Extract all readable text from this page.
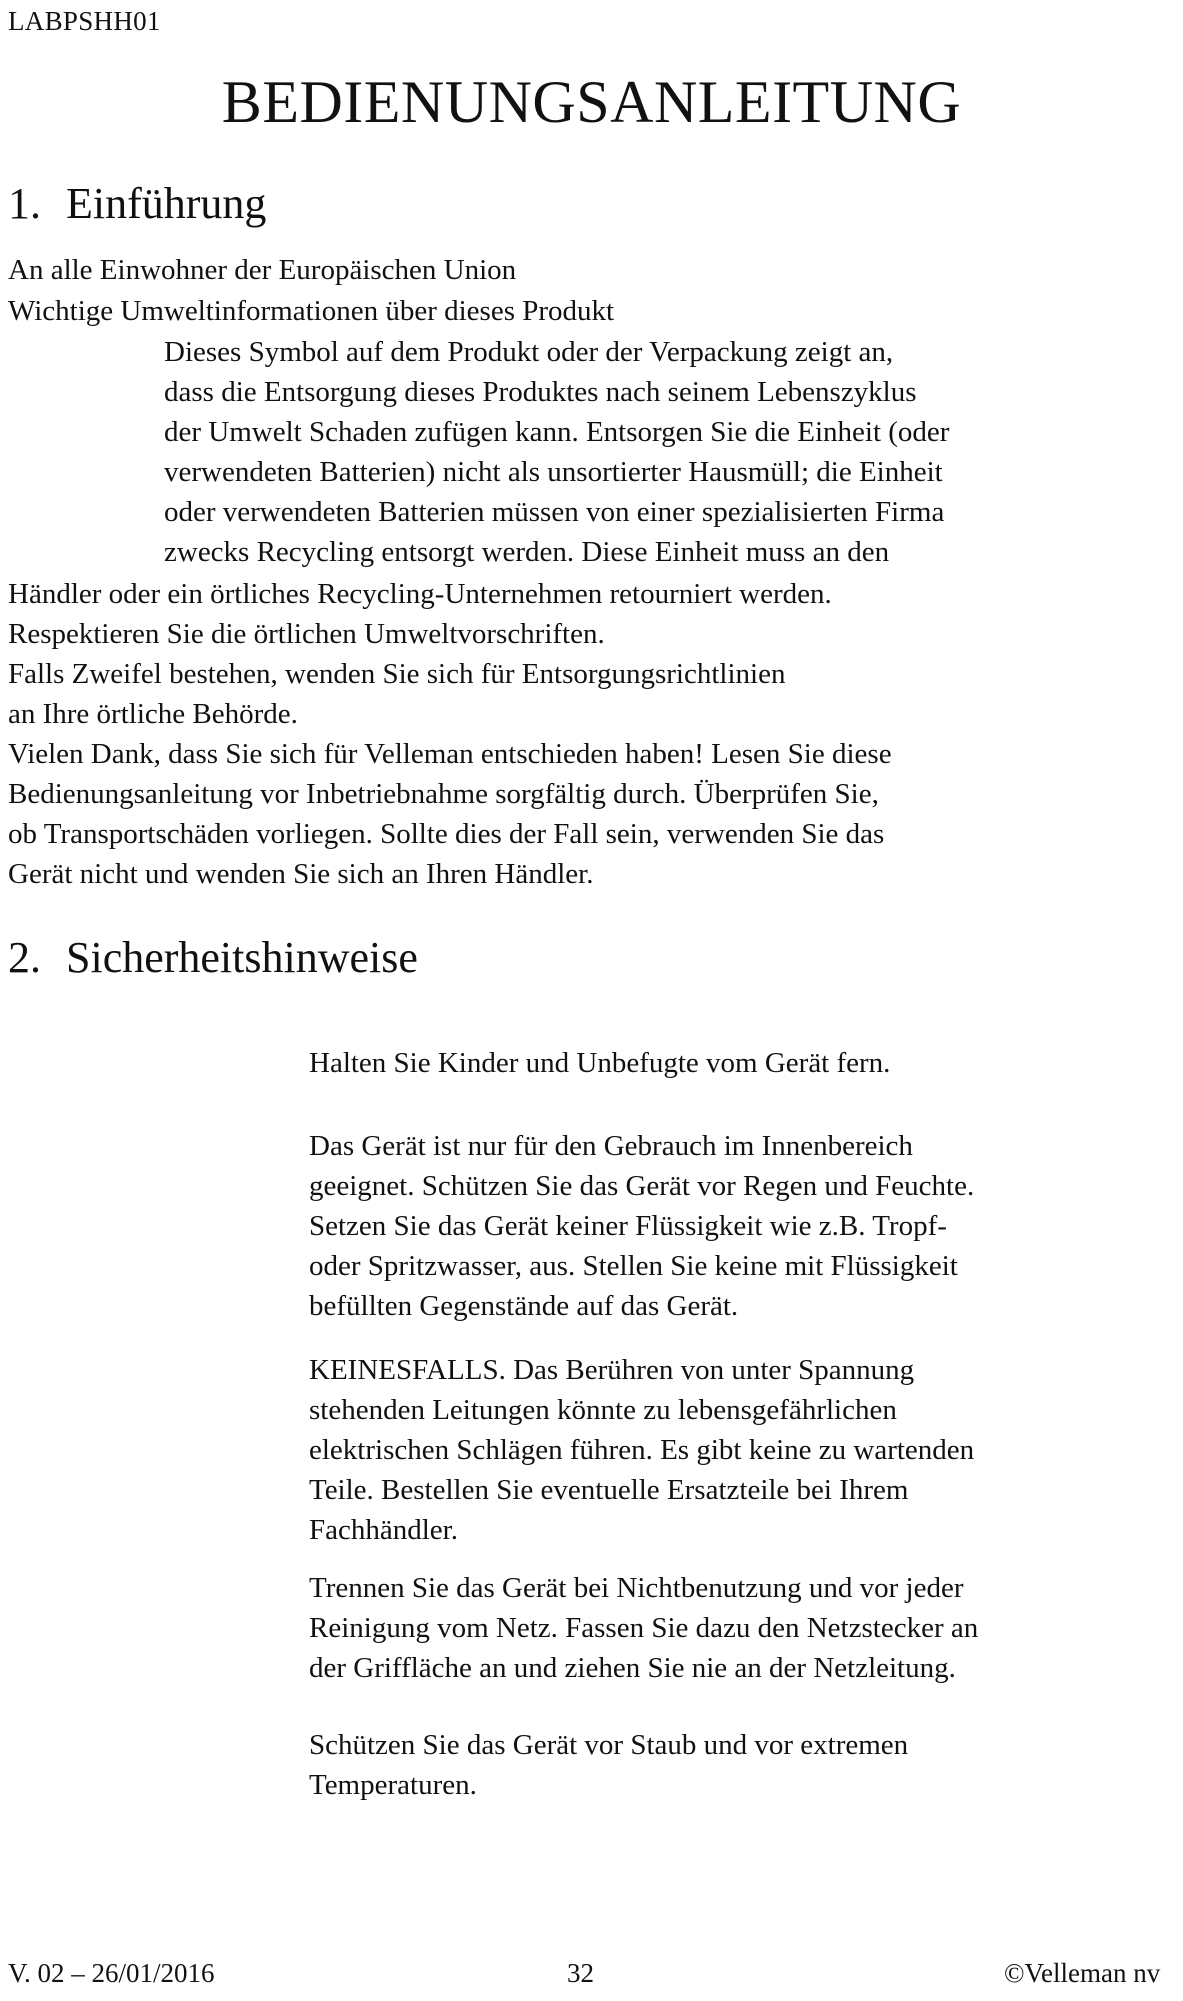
LABPSHH01
BEDIENUNGSANLEITUNG
1. Einführung
An alle Einwohner der Europäischen Union
Wichtige Umweltinformationen über dieses Produkt
Dieses Symbol auf dem Produkt oder der Verpackung zeigt an,
dass die Entsorgung dieses Produktes nach seinem Lebenszyklus
der Umwelt Schaden zufügen kann. Entsorgen Sie die Einheit (oder
verwendeten Batterien) nicht als unsortierter Hausmüll; die Einheit
oder verwendeten Batterien müssen von einer spezialisierten Firma
zwecks Recycling entsorgt werden. Diese Einheit muss an den
Händler oder ein örtliches Recycling-Unternehmen retourniert werden.
Respektieren Sie die örtlichen Umweltvorschriften.
Falls Zweifel bestehen, wenden Sie sich für Entsorgungsrichtlinien
an Ihre örtliche Behörde.
Vielen Dank, dass Sie sich für Velleman entschieden haben! Lesen Sie diese
Bedienungsanleitung vor Inbetriebnahme sorgfältig durch. Überprüfen Sie,
ob Transportschäden vorliegen. Sollte dies der Fall sein, verwenden Sie das
Gerät nicht und wenden Sie sich an Ihren Händler.
2. Sicherheitshinweise
Halten Sie Kinder und Unbefugte vom Gerät fern.
Das Gerät ist nur für den Gebrauch im Innenbereich
geeignet. Schützen Sie das Gerät vor Regen und Feuchte.
Setzen Sie das Gerät keiner Flüssigkeit wie z.B. Tropf-
oder Spritzwasser, aus. Stellen Sie keine mit Flüssigkeit
befüllten Gegenstände auf das Gerät.
KEINESFALLS. Das Berühren von unter Spannung
stehenden Leitungen könnte zu lebensgefährlichen
elektrischen Schlägen führen. Es gibt keine zu wartenden
Teile. Bestellen Sie eventuelle Ersatzteile bei Ihrem
Fachhändler.
Trennen Sie das Gerät bei Nichtbenutzung und vor jeder
Reinigung vom Netz. Fassen Sie dazu den Netzstecker an
der Griffläche an und ziehen Sie nie an der Netzleitung.
Schützen Sie das Gerät vor Staub und vor extremen
Temperaturen.
V. 02 – 26/01/2016	32	©Velleman nv
